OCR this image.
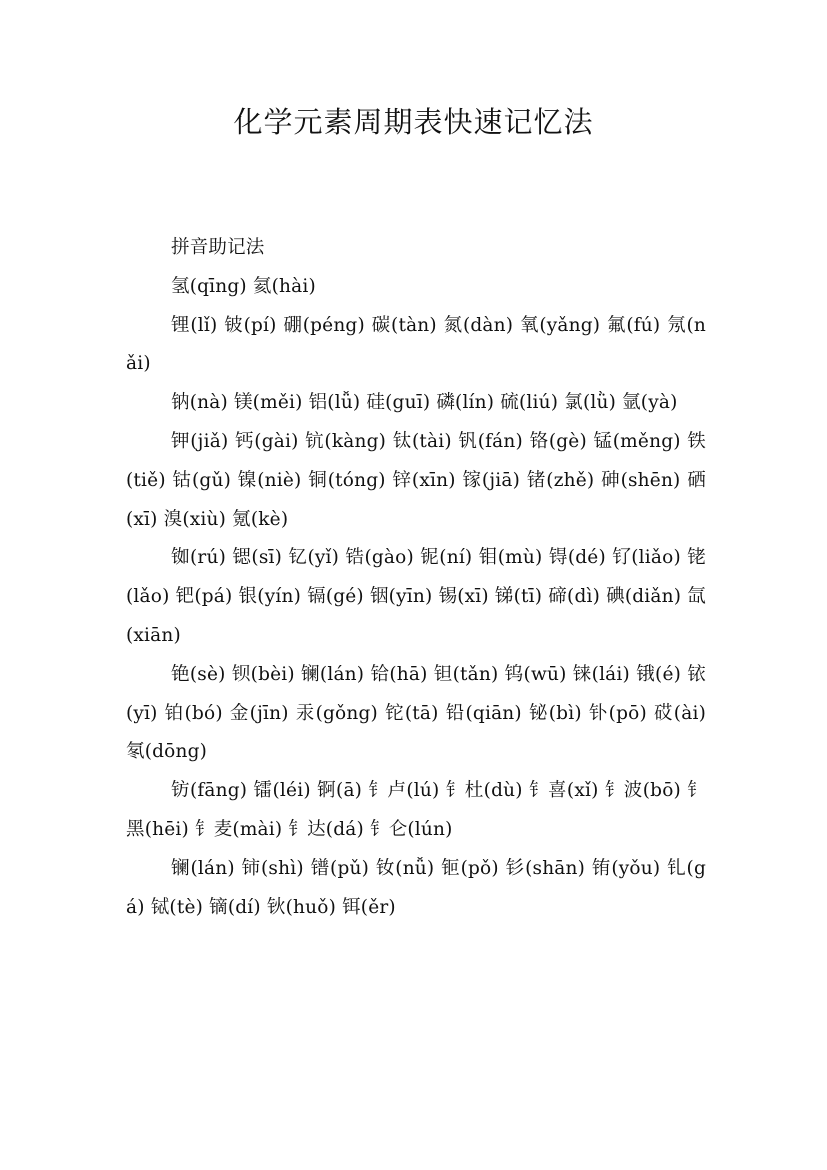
化学元素周期表快速记忆法

拼音助记法

氢(qīng) 氦(hài)

锂(lǐ) 铍(pí) 硼(péng) 碳(tàn) 氮(dàn) 氧(yǎng) 氟(fú) 氖(nǎi)

钠(nà) 镁(měi) 铝(lǚ) 硅(guī) 磷(lín) 硫(liú) 氯(lǜ) 氩(yà)

钾(jiǎ) 钙(gài) 钪(kàng) 钛(tài) 钒(fán) 铬(gè) 锰(měng) 铁(tiě) 钴(gǔ) 镍(niè) 铜(tóng) 锌(xīn) 镓(jiā) 锗(zhě) 砷(shēn) 硒(xī) 溴(xiù) 氪(kè)

铷(rú) 锶(sī) 钇(yǐ) 锆(gào) 铌(ní) 钼(mù) 锝(dé) 钌(liǎo) 铑(lǎo) 钯(pá) 银(yín) 镉(gé) 铟(yīn) 锡(xī) 锑(tī) 碲(dì) 碘(diǎn) 氙(xiān)

铯(sè) 钡(bèi) 镧(lán) 铪(hā) 钽(tǎn) 钨(wū) 铼(lái) 锇(é) 铱(yī) 铂(bó) 金(jīn) 汞(gǒng) 铊(tā) 铅(qiān) 铋(bì) 钋(pō) 砹(ài) 氡(dōng)

钫(fāng) 镭(léi) 锕(ā) 钅卢(lú) 钅杜(dù) 钅喜(xǐ) 钅波(bō) 钅黑(hēi) 钅麦(mài) 钅达(dá) 钅仑(lún)

镧(lán) 铈(shì) 镨(pǔ) 钕(nǚ) 钷(pǒ) 钐(shān) 铕(yǒu) 钆(gá) 铽(tè) 镝(dí) 钬(huǒ) 铒(ěr)
